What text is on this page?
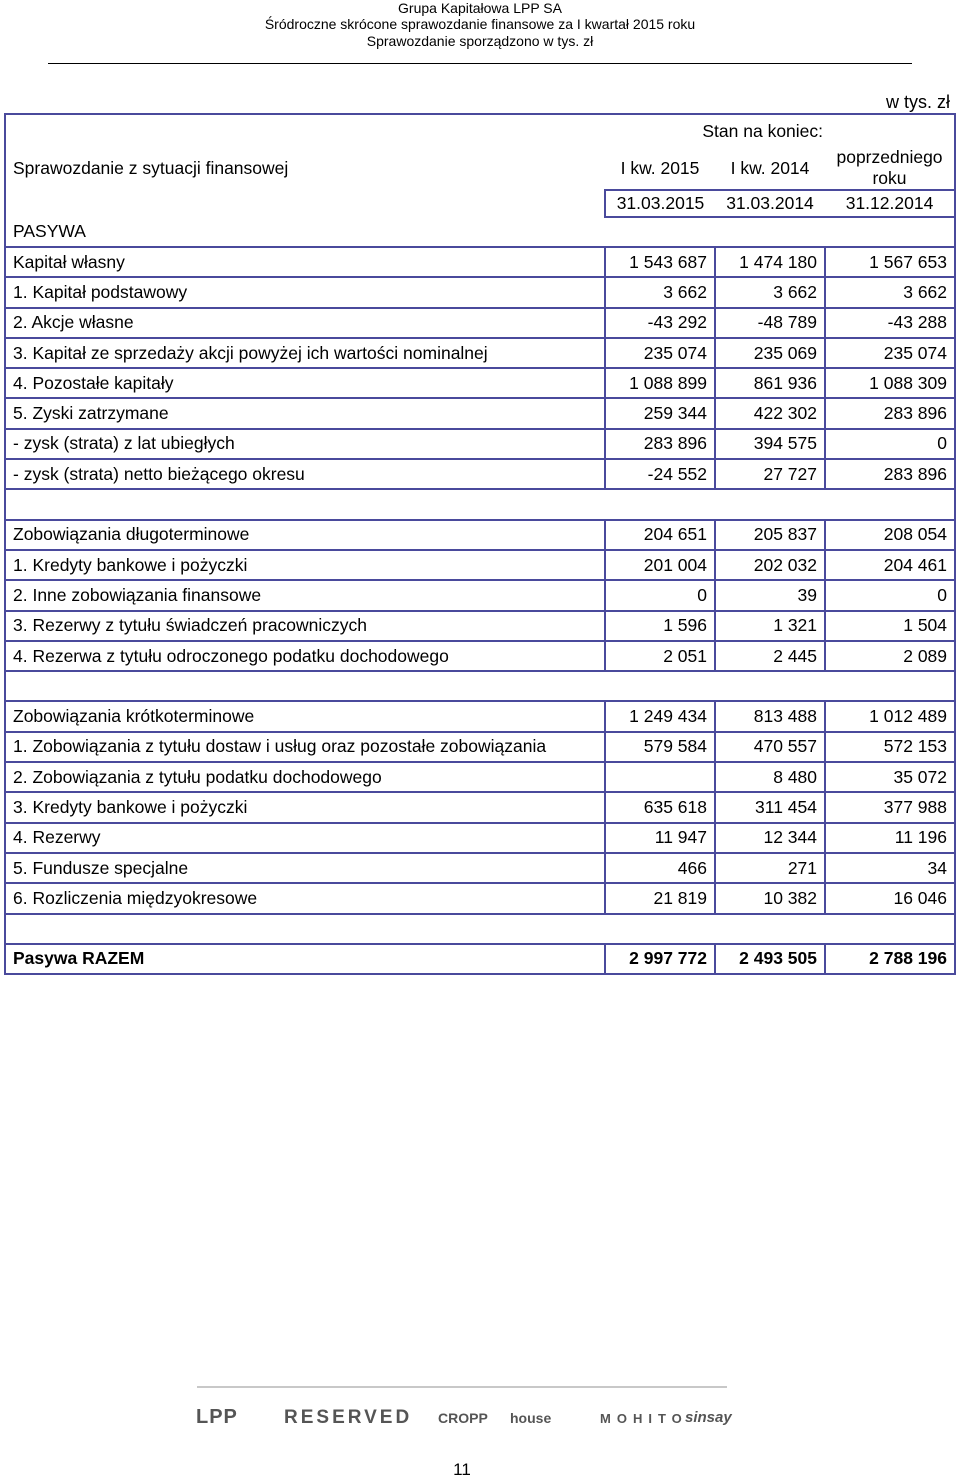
Grupa Kapitałowa LPP SA
Śródroczne skrócone sprawozdanie finansowe za I kwartał 2015 roku
Sprawozdanie sporządzono w tys. zł
w tys. zł
	Stan na koniec:		
Sprawozdanie z sytuacji finansowej	I kw. 2015	I kw. 2014	poprzedniego roku
	31.03.2015	31.03.2014	31.12.2014
PASYWA			
Kapitał własny	1 543 687	1 474 180	1 567 653
1. Kapitał podstawowy	3 662	3 662	3 662
2. Akcje własne	-43 292	-48 789	-43 288
3. Kapitał ze sprzedaży akcji powyżej ich wartości nominalnej	235 074	235 069	235 074
4. Pozostałe kapitały	1 088 899	861 936	1 088 309
5. Zyski zatrzymane	259 344	422 302	283 896
- zysk (strata) z lat ubiegłych	283 896	394 575	0
- zysk (strata) netto bieżącego okresu	-24 552	27 727	283 896

Zobowiązania długoterminowe	204 651	205 837	208 054
1. Kredyty bankowe i pożyczki	201 004	202 032	204 461
2. Inne zobowiązania finansowe	0	39	0
3. Rezerwy z tytułu świadczeń pracowniczych	1 596	1 321	1 504
4. Rezerwa z tytułu odroczonego podatku dochodowego	2 051	2 445	2 089

Zobowiązania krótkoterminowe	1 249 434	813 488	1 012 489
1. Zobowiązania z tytułu dostaw i usług oraz pozostałe zobowiązania	579 584	470 557	572 153
2. Zobowiązania z tytułu podatku dochodowego		8 480	35 072
3. Kredyty bankowe i pożyczki	635 618	311 454	377 988
4. Rezerwy	11 947	12 344	11 196
5. Fundusze specjalne	466	271	34
6. Rozliczenia międzyokresowe	21 819	10 382	16 046

Pasywa RAZEM	2 997 772	2 493 505	2 788 196
LPP RESERVED CROPP house	MOHITO
sinsay
11
